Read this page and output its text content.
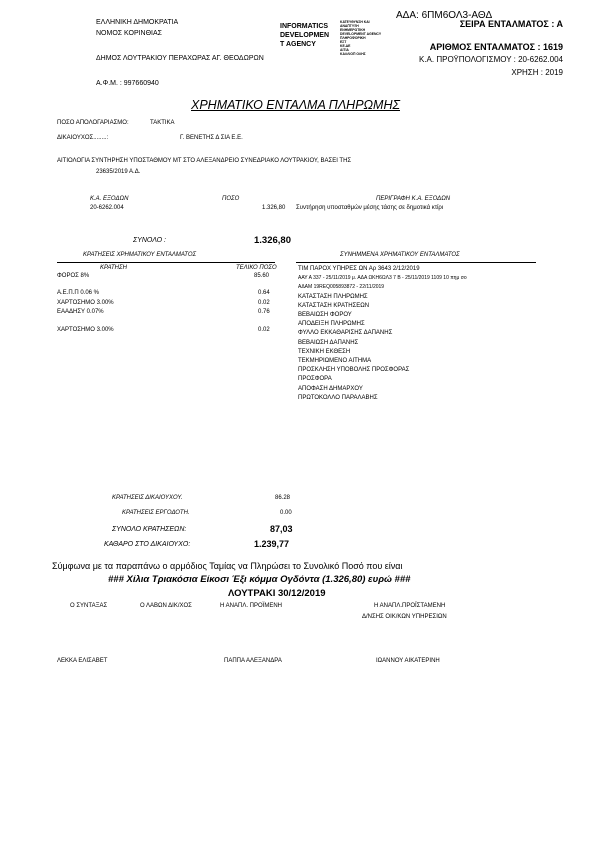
ΕΛΛΗΝΙΚΗ ΔΗΜΟΚΡΑΤΙΑ
ΝΟΜΟΣ ΚΟΡΙΝΘΙΑΣ
ΔΗΜΟΣ ΛΟΥΤΡΑΚΙΟΥ ΠΕΡΑΧΩΡΑΣ ΑΓ. ΘΕΟΔΩΡΩΝ
Α.Φ.Μ. : 997660940
INFORMATICS
DEVELOPMEN
T AGENCY
ΚΑΤΕΥΘΥΝΣΗ ΚΑΙ
ΑΝΑΠΤΥΞΗ
ΕΝΗΜΕΡΩΤΙΚΗ
DEVELOPMENT AGENCY
ΠΛΗΡΟΦΟΡΙΚΗ
ΕΣΤ
ΚΕ.ΔΕ
ΑΙΤΙΑ
ΚΑΛΛΙΟΠ ΟΛΗΣ
ΑΔΑ: 6ΠΜ6ΟΛ3-ΑΘΔ
ΣΕΙΡΑ ΕΝΤΑΛΜΑΤΟΣ : Α
ΑΡΙΘΜΟΣ ΕΝΤΑΛΜΑΤΟΣ : 1619
Κ.Α. ΠΡΟΫΠΟΛΟΓΙΣΜΟΥ : 20-6262.004
ΧΡΗΣΗ : 2019
ΧΡΗΜΑΤΙΚΟ ΕΝΤΑΛΜΑ ΠΛΗΡΩΜΗΣ
ΠΟΣΟ ΑΠΟΛΟΓΑΡΙΑΣΜΟ:	ΤΑΚΤΙΚΑ
ΔΙΚΑΙΟΥΧΟΣ........:	Γ. ΒΕΝΕΤΗΣ Δ ΣΙΑ Ε.Ε.
ΑΙΤΙΟΛΟΓΙΑ ΣΥΝΤΗΡΗΣΗ ΥΠΟΣΤΑΘΜΟΥ ΜΤ ΣΤΟ ΑΛΕΞΑΝΔΡΕΙΟ ΣΥΝΕΔΡΙΑΚΟ ΛΟΥΤΡΑΚΙΟΥ, ΒΑΣΕΙ ΤΗΣ
23635/2019 Α.Δ.
Κ.Α. ΕΞΟΔΩΝ	ΠΟΣΟ	ΠΕΡΙΓΡΑΦΗ Κ.Α. ΕΞΟΔΩΝ
20-6262.004	1.326,80 Συντήρηση υποσταθμών μέσης τάσης σε δημοτικά κτίρι
ΣΥΝΟΛΟ :	1.326,80
ΚΡΑΤΗΣΕΙΣ ΧΡΗΜΑΤΙΚΟΥ ΕΝΤΑΛΜΑΤΟΣ
ΚΡΑΤΗΣΗ	ΤΕΛΙΚΟ ΠΟΣΟ
ΦΟΡΟΣ 8%	85.60
Α.Ε.Π.Π 0.06 %	0.64
ΧΑΡΤΟΣΗΜΟ 3.00%	0.02
ΕΑΑΔΗΣΥ 0.07%	0.76
ΧΑΡΤΟΣΗΜΟ 3.00%	0.02
ΣΥΝΗΜΜΕΝΑ ΧΡΗΜΑΤΙΚΟΥ ΕΝΤΑΛΜΑΤΟΣ
ΤΙΜ ΠΑΡΟΧ ΥΠΗΡΕΣ ΩΝ Αρ 3643 2/12/2019
ΑΑΥ Α 337 - 25/11/2019 μ. ΑΔΑ ΩΚΗ6ΩΛ3 7 Β - 25/11/2019 1109 10 πημ σο
ΑΔΑΜ 19REQ005893872 - 22/11/2019
ΚΑΤΑΣΤΑΣΗ ΠΛΗΡΩΜΗΣ
ΚΑΤΑΣΤΑΣΗ ΚΡΑΤΗΣΕΩΝ
ΒΕΒΑΙΩΣΗ ΦΟΡΟΥ
ΑΠΟΔΕΙΞΗ ΠΛΗΡΩΜΗΣ
ΦΥΛΛΟ ΕΚΚΑΘΑΡΙΣΗΣ ΔΑΠΑΝΗΣ
ΒΕΒΑΙΩΣΗ ΔΑΠΑΝΗΣ
ΤΕΧΝΙΚΗ ΕΚΘΕΣΗ
ΤΕΚΜΗΡΙΩΜΕΝΟ ΑΙΤΗΜΑ
ΠΡΟΣΚΛΗΣΗ ΥΠΟΒΟΛΗΣ ΠΡΟΣΦΟΡΑΣ
ΠΡΟΣΦΟΡΑ
ΑΠΟΦΑΣΗ ΔΗΜΑΡΧΟΥ
ΠΡΩΤΟΚΟΛΛΟ ΠΑΡΑΛΑΒΗΣ
ΚΡΑΤΗΣΕΙΣ ΔΙΚΑΙΟΥΧΟΥ.	86.28
ΚΡΑΤΗΣΕΙΣ ΕΡΓΟΔΟΤΗ.	0.00
ΣΥΝΟΛΟ ΚΡΑΤΗΣΕΩΝ:	87,03
ΚΑΘΑΡΟ ΣΤΟ ΔΙΚΑΙΟΥΧΟ:	1.239,77
Σύμφωνα με τα παραπάνω ο αρμόδιος Ταμίας να Πληρώσει το Συνολικό Ποσό που είναι
### Χίλια Τριακόσια Είκοσι Έξι κόμμα Ογδόντα (1.326,80) ευρώ ###
ΛΟΥΤΡΑΚΙ 30/12/2019
Ο ΣΥΝΤΑΞΑΣ	Ο ΛΑΒΩΝ ΔΙΚ/ΧΟΣ	Η ΑΝΑΠΛ. ΠΡΟΪΜΕΝΗ	Η ΑΝΑΠΛ.ΠΡΟΪΣΤΑΜΕΝΗ
Δ/ΝΣΗΣ ΟΙΚ/ΚΩΝ ΥΠΗΡΕΣΙΩΝ
ΛΕΚΚΑ ΕΛΙΣΑΒΕΤ	ΠΑΠΠΑ ΑΛΕΞΑΝΔΡΑ	ΙΩΑΝΝΟΥ ΑΙΚΑΤΕΡΙΝΗ
